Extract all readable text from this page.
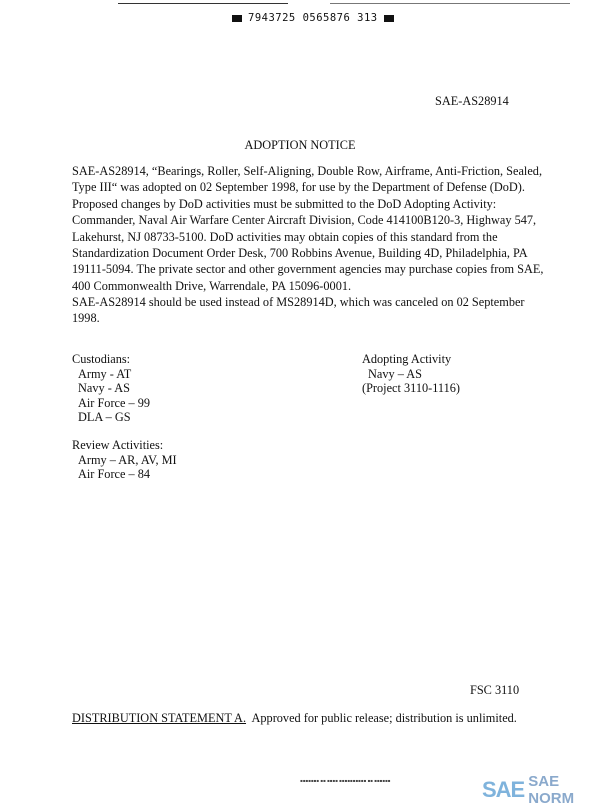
7943725 0565876 313
SAE-AS28914
ADOPTION NOTICE
SAE-AS28914, “Bearings, Roller, Self-Aligning, Double Row, Airframe, Anti-Friction, Sealed,
Type III“ was adopted on 02 September 1998, for use by the Department of Defense (DoD).
Proposed changes by DoD activities must be submitted to the DoD Adopting Activity:
Commander, Naval Air Warfare Center Aircraft Division, Code 414100B120-3, Highway 547,
Lakehurst, NJ 08733-5100. DoD activities may obtain copies of this standard from the
Standardization Document Order Desk, 700 Robbins Avenue, Building 4D, Philadelphia, PA
19111-5094. The private sector and other government agencies may purchase copies from SAE,
400 Commonwealth Drive, Warrendale, PA 15096-0001.
SAE-AS28914 should be used instead of MS28914D, which was canceled on 02 September
1998.
Custodians:
Army - AT
Navy - AS
Air Force – 99
DLA – GS
Adopting Activity
Navy – AS
(Project 3110-1116)
Review Activities:
Army – AR, AV, MI
Air Force – 84
FSC 3110
DISTRIBUTION STATEMENT A. Approved for public release; distribution is unlimited.
▪▪▪▪▪▪▪ ▪▪ ▪▪▪▪ ▪▪▪▪▪▪▪▪▪▪ ▪▪ ▪▪▪▪▪▪	SAE SAE NORM
